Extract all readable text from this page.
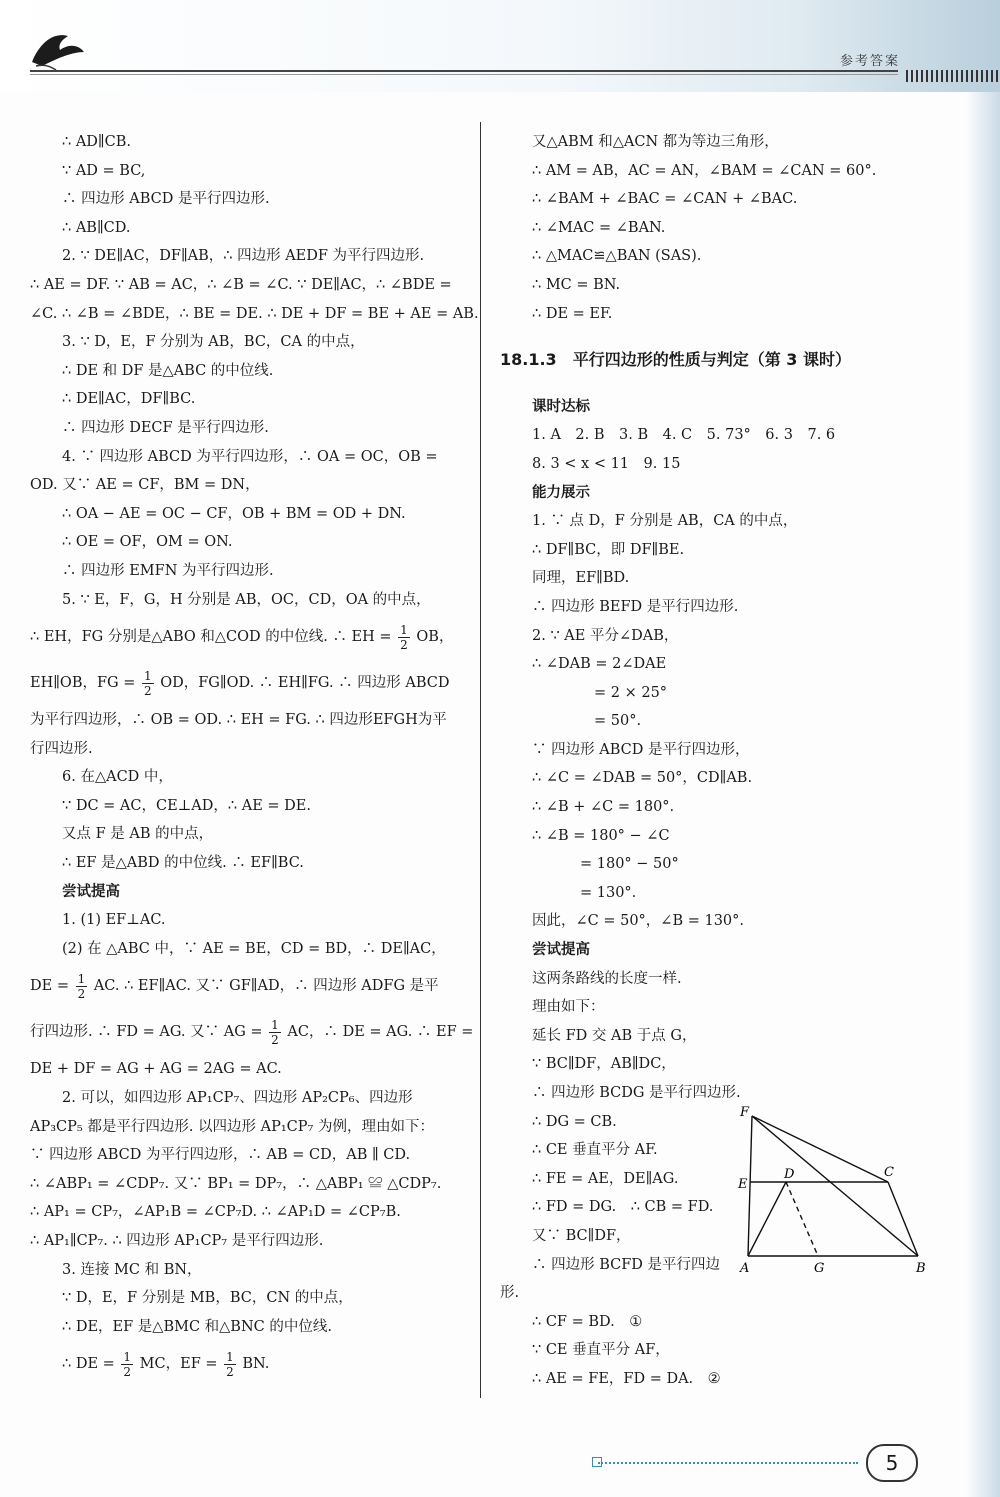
参考答案
∴ AD∥CB.
∵ AD = BC,
∴ 四边形 ABCD 是平行四边形.
∴ AB∥CD.
2. ∵ DE∥AC，DF∥AB，∴ 四边形 AEDF 为平行四边形.
∴ AE = DF. ∵ AB = AC，∴ ∠B = ∠C. ∵ DE∥AC，∴ ∠BDE =
∠C. ∴ ∠B = ∠BDE，∴ BE = DE. ∴ DE + DF = BE + AE = AB.
3. ∵ D，E，F 分别为 AB，BC，CA 的中点，
∴ DE 和 DF 是△ABC 的中位线.
∴ DE∥AC，DF∥BC.
∴ 四边形 DECF 是平行四边形.
4. ∵ 四边形 ABCD 为平行四边形，∴ OA = OC，OB =
OD. 又∵ AE = CF，BM = DN，
∴ OA − AE = OC − CF，OB + BM = OD + DN.
∴ OE = OF，OM = ON.
∴ 四边形 EMFN 为平行四边形.
5. ∵ E，F，G，H 分别是 AB，OC，CD，OA 的中点，
∴ EH，FG 分别是△ABO 和△COD 的中位线. ∴ EH = $\frac{1}{2}$ OB，
EH∥OB，FG = $\frac{1}{2}$ OD，FG∥OD. ∴ EH∥FG. ∴ 四边形 ABCD
为平行四边形，∴ OB = OD. ∴ EH = FG. ∴ 四边形EFGH为平
行四边形.
6. 在△ACD 中，
∵ DC = AC，CE⊥AD，∴ AE = DE.
又点 F 是 AB 的中点，
∴ EF 是△ABD 的中位线. ∴ EF∥BC.
尝试提高
1. (1) EF⊥AC.
(2) 在 △ABC 中，∵ AE = BE，CD = BD，∴ DE∥AC，
DE = $\frac{1}{2}$ AC. ∴ EF∥AC. 又∵ GF∥AD，∴ 四边形 ADFG 是平
行四边形. ∴ FD = AG. 又∵ AG = $\frac{1}{2}$ AC，∴ DE = AG. ∴ EF =
DE + DF = AG + AG = 2AG = AC.
2. 可以，如四边形 AP₁CP₇、四边形 AP₂CP₆、四边形
AP₃CP₅ 都是平行四边形. 以四边形 AP₁CP₇ 为例，理由如下：
∵ 四边形 ABCD 为平行四边形，∴ AB = CD，AB ∥ CD.
∴ ∠ABP₁ = ∠CDP₇. 又∵ BP₁ = DP₇，∴ △ABP₁ ≌ △CDP₇.
∴ AP₁ = CP₇，∠AP₁B = ∠CP₇D. ∴ ∠AP₁D = ∠CP₇B.
∴ AP₁∥CP₇. ∴ 四边形 AP₁CP₇ 是平行四边形.
3. 连接 MC 和 BN，
∵ D，E，F 分别是 MB，BC，CN 的中点，
∴ DE，EF 是△BMC 和△BNC 的中位线.
∴ DE = $\frac{1}{2}$ MC，EF = $\frac{1}{2}$ BN.
又△ABM 和△ACN 都为等边三角形，
∴ AM = AB，AC = AN，∠BAM = ∠CAN = 60°.
∴ ∠BAM + ∠BAC = ∠CAN + ∠BAC.
∴ ∠MAC = ∠BAN.
∴ △MAC≌△BAN (SAS).
∴ MC = BN.
∴ DE = EF.
18.1.3　平行四边形的性质与判定（第 3 课时）
课时达标
1. A　2. B　3. B　4. C　5. 73°　6. 3　7. 6
8. 3 < x < 11　9. 15
能力展示
1. ∵ 点 D，F 分别是 AB，CA 的中点，
∴ DF∥BC，即 DF∥BE.
同理，EF∥BD.
∴ 四边形 BEFD 是平行四边形.
2. ∵ AE 平分∠DAB，
∴ ∠DAB = 2∠DAE
= 2 × 25°
= 50°.
∵ 四边形 ABCD 是平行四边形，
∴ ∠C = ∠DAB = 50°，CD∥AB.
∴ ∠B + ∠C = 180°.
∴ ∠B = 180° − ∠C
= 180° − 50°
= 130°.
因此，∠C = 50°，∠B = 130°.
尝试提高
这两条路线的长度一样.
理由如下：
延长 FD 交 AB 于点 G，
∵ BC∥DF，AB∥DC，
∴ 四边形 BCDG 是平行四边形.
∴ DG = CB.
∴ CE 垂直平分 AF.
∴ FE = AE，DE∥AG.
∴ FD = DG.　∴ CB = FD.
又∵ BC∥DF，
∴ 四边形 BCFD 是平行四边
形.
∴ CF = BD.　①
∵ CE 垂直平分 AF，
∴ AE = FE，FD = DA.　②
F
C
E
D
A	G	B
5
